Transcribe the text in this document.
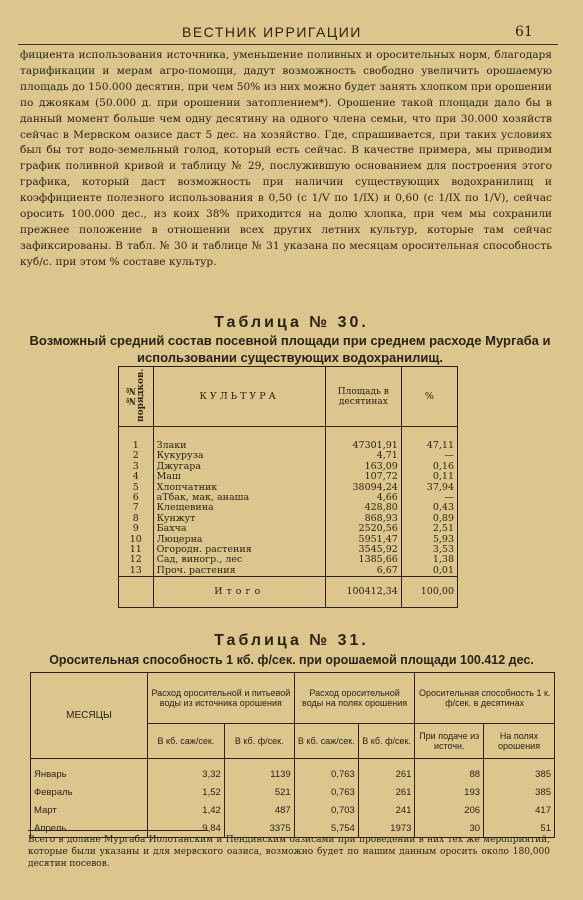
ВЕСТНИК ИРРИГАЦИИ	61

фициента использования источника, уменьшение поливных и оросительных норм, благодаря тарификации и мерам агро-помощи, дадут возможность свободно увеличить орошаемую площадь до 150.000 десятин, при чем 50% из них можно будет занять хлопком при орошении по джоякам (50.000 д. при орошении затоплением*). Орошение такой площади дало бы в данный момент больше чем одну десятину на одного члена семьи, что при 30.000 хозяйств сейчас в Мервском оазисе даст 5 дес. на хозяйство. Где, спрашивается, при таких условиях был бы тот водо-земельный голод, который есть сейчас. В качестве примера, мы приводим график поливной кривой и таблицу № 29, послужившую основанием для построения этого графика, который даст возможность при наличии существующих водохранилищ и коэффициенте полезного использования в 0,50 (с 1/V по 1/IX) и 0,60 (с 1/IX по 1/V), сейчас оросить 100.000 дес., из коих 38% приходится на долю хлопка, при чем мы сохранили прежнее положение в отношении всех других летних культур, которые там сейчас зафиксированы. В табл. № 30 и таблице № 31 указана по месяцам оросительная способность куб/с. при этом % составе культур.

Таблица № 30.
Возможный средний состав посевной площади при среднем расходе Мургаба и использовании существующих водохранилищ.
№№ порядков.	КУЛЬТУРА	Площадь в десятинах	%
1	Злаки	47301,91	47,11
2	Кукуруза	4,71	—
3	Джугара	163,09	0,16
4	Маш	107,72	0,11
5	Хлопчатник	38094,24	37,94
6	аТбак, мак, анаша	4,66	—
7	Клещевина	428,80	0,43
8	Кунжут	868,93	0,89
9	Бахча	2520,56	2,51
10	Люцерна	5951,47	5,93
11	Огородн. растения	3545,92	3,53
12	Сад, виногр., лес	1385,66	1,38
13	Проч. растения	6,67	0,01
	Итого	100412,34	100,00
Таблица № 31.
Оросительная способность 1 кб. ф/сек. при орошаемой площади 100.412 дес.
МЕСЯЦЫ	Расход оросительной и питьевой воды из источника орошения		Расход оросительной воды на полях орошения		Оросительная способность 1 к. ф/сек. в десятинах	
	В кб. саж/сек.	В кб. ф/сек.	В кб. саж/сек.	В кб. ф/сек.	При подаче из источн.	На полях орошения
Январь	3,32	1139	0,763	261	88	385
Февраль	1,52	521	0,763	261	193	385
Март	1,42	487	0,703	241	206	417
Апрель	9,84	3375	5,754	1973	30	51
Всего в долине Мургаба Иолотанским и Пендинским оазисами при проведении в них тех же мероприятий, которые были указаны и для мервского оазиса, возможно будет по нашим данным оросить около 180,000 десятин посевов.
